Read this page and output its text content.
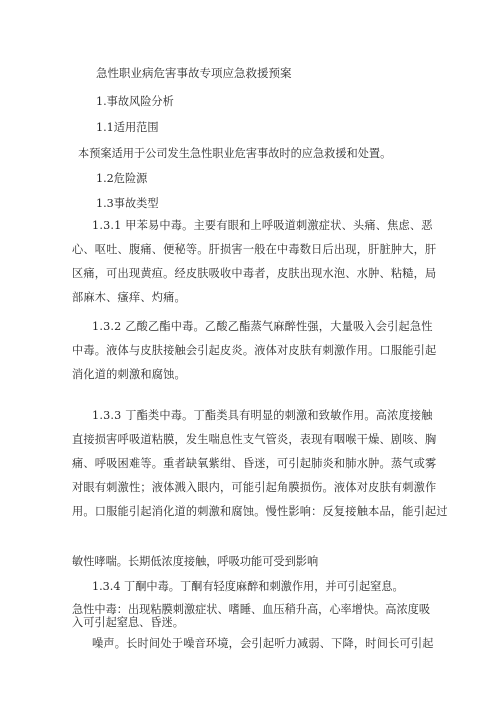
急性职业病危害事故专项应急救援预案
1.事故风险分析
1.1适用范围
本预案适用于公司发生急性职业危害事故时的应急救援和处置。
1.2危险源
1.3事故类型
1.3.1 甲苯易中毒。主要有眼和上呼吸道刺激症状、头痛、焦虑、恶
心、呕吐、腹痛、便秘等。肝损害一般在中毒数日后出现，肝脏肿大，肝
区痛，可出现黄疸。经皮肤吸收中毒者，皮肤出现水泡、水肿、粘糙，局
部麻木、瘙痒、灼痛。
1.3.2 乙酸乙酯中毒。乙酸乙酯蒸气麻醉性强，大量吸入会引起急性
中毒。液体与皮肤接触会引起皮炎。液体对皮肤有刺激作用。口服能引起
消化道的刺激和腐蚀。
1.3.3 丁酯类中毒。丁酯类具有明显的刺激和致敏作用。高浓度接触
直接损害呼吸道粘膜，发生喘息性支气管炎，表现有咽喉干燥、剧咳、胸
痛、呼吸困难等。重者缺氧紫绀、昏迷，可引起肺炎和肺水肿。蒸气或雾
对眼有刺激性；液体溅入眼内，可能引起角膜损伤。液体对皮肤有刺激作
用。口服能引起消化道的刺激和腐蚀。慢性影响：反复接触本品，能引起过
敏性哮喘。长期低浓度接触，呼吸功能可受到影响
1.3.4 丁酮中毒。丁酮有轻度麻醉和刺激作用，并可引起窒息。
急性中毒：出现粘膜刺激症状、嗜睡、血压稍升高，心率增快。高浓度吸
入可引起窒息、昏迷。
噪声。长时间处于噪音环境，会引起听力减弱、下降，时间长可引起
